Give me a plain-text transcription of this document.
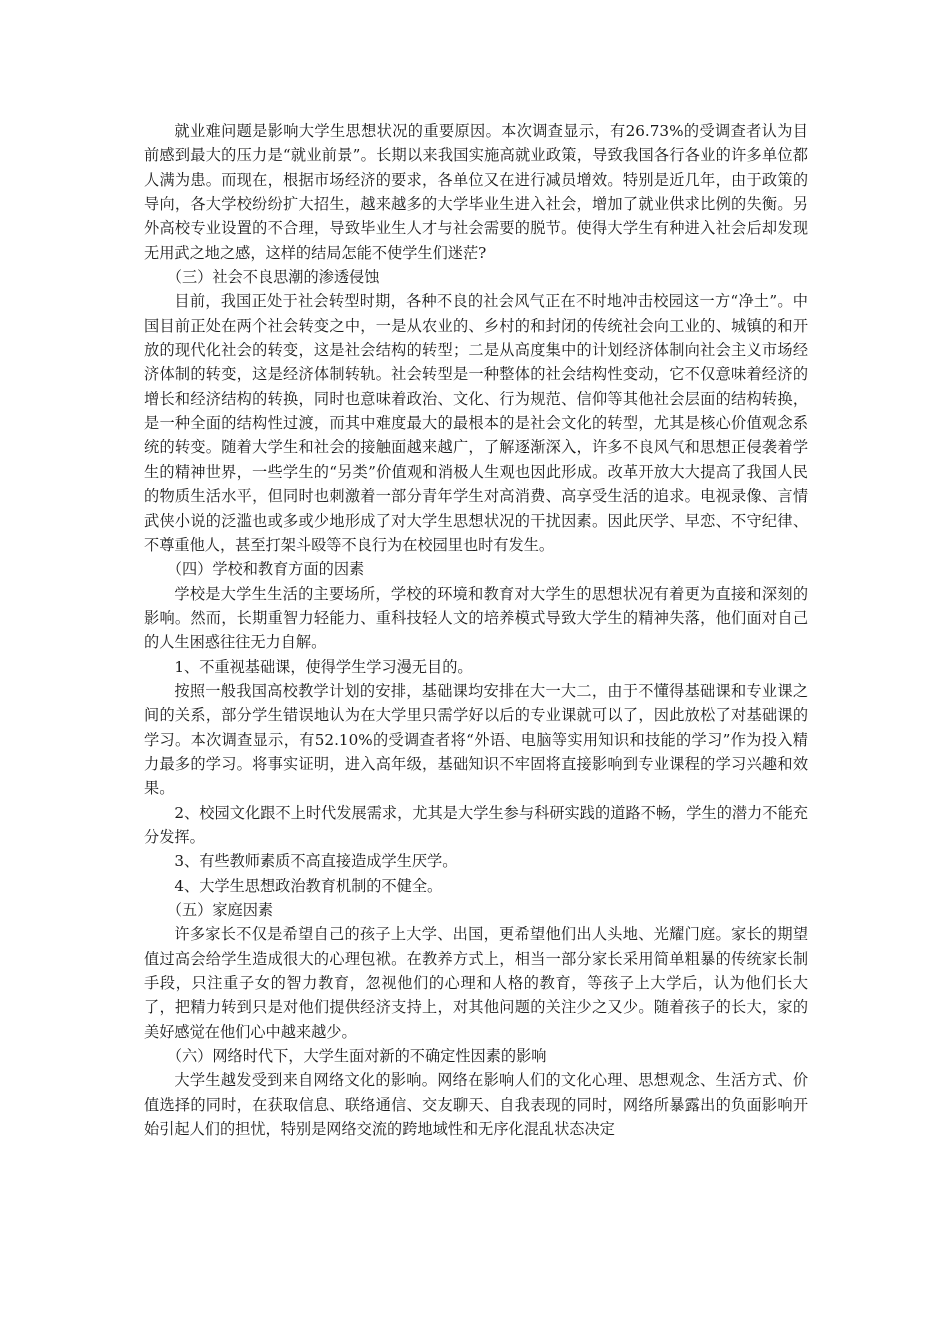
就业难问题是影响大学生思想状况的重要原因。本次调查显示，有26.73%的受调查者认为目前感到最大的压力是“就业前景”。长期以来我国实施高就业政策，导致我国各行各业的许多单位都人满为患。而现在，根据市场经济的要求，各单位又在进行减员增效。特别是近几年，由于政策的导向，各大学校纷纷扩大招生，越来越多的大学毕业生进入社会，增加了就业供求比例的失衡。另外高校专业设置的不合理，导致毕业生人才与社会需要的脱节。使得大学生有种进入社会后却发现无用武之地之感，这样的结局怎能不使学生们迷茫?

（三）社会不良思潮的渗透侵蚀

目前，我国正处于社会转型时期，各种不良的社会风气正在不时地冲击校园这一方“净土”。中国目前正处在两个社会转变之中，一是从农业的、乡村的和封闭的传统社会向工业的、城镇的和开放的现代化社会的转变，这是社会结构的转型；二是从高度集中的计划经济体制向社会主义市场经济体制的转变，这是经济体制转轨。社会转型是一种整体的社会结构性变动，它不仅意味着经济的增长和经济结构的转换，同时也意味着政治、文化、行为规范、信仰等其他社会层面的结构转换，是一种全面的结构性过渡，而其中难度最大的最根本的是社会文化的转型，尤其是核心价值观念系统的转变。随着大学生和社会的接触面越来越广，了解逐渐深入，许多不良风气和思想正侵袭着学生的精神世界，一些学生的“另类”价值观和消极人生观也因此形成。改革开放大大提高了我国人民的物质生活水平，但同时也刺激着一部分青年学生对高消费、高享受生活的追求。电视录像、言情武侠小说的泛滥也或多或少地形成了对大学生思想状况的干扰因素。因此厌学、早恋、不守纪律、不尊重他人，甚至打架斗殴等不良行为在校园里也时有发生。

（四）学校和教育方面的因素

学校是大学生生活的主要场所，学校的环境和教育对大学生的思想状况有着更为直接和深刻的影响。然而，长期重智力轻能力、重科技轻人文的培养模式导致大学生的精神失落，他们面对自己的人生困惑往往无力自解。

1、不重视基础课，使得学生学习漫无目的。

按照一般我国高校教学计划的安排，基础课均安排在大一大二，由于不懂得基础课和专业课之间的关系，部分学生错误地认为在大学里只需学好以后的专业课就可以了，因此放松了对基础课的学习。本次调查显示，有52.10%的受调查者将“外语、电脑等实用知识和技能的学习”作为投入精力最多的学习。将事实证明，进入高年级，基础知识不牢固将直接影响到专业课程的学习兴趣和效果。

2、校园文化跟不上时代发展需求，尤其是大学生参与科研实践的道路不畅，学生的潜力不能充分发挥。

3、有些教师素质不高直接造成学生厌学。

4、大学生思想政治教育机制的不健全。

（五）家庭因素

许多家长不仅是希望自己的孩子上大学、出国，更希望他们出人头地、光耀门庭。家长的期望值过高会给学生造成很大的心理包袱。在教养方式上，相当一部分家长采用简单粗暴的传统家长制手段，只注重子女的智力教育，忽视他们的心理和人格的教育，等孩子上大学后，认为他们长大了，把精力转到只是对他们提供经济支持上，对其他问题的关注少之又少。随着孩子的长大，家的美好感觉在他们心中越来越少。

（六）网络时代下，大学生面对新的不确定性因素的影响

大学生越发受到来自网络文化的影响。网络在影响人们的文化心理、思想观念、生活方式、价值选择的同时，在获取信息、联络通信、交友聊天、自我表现的同时，网络所暴露出的负面影响开始引起人们的担忧，特别是网络交流的跨地域性和无序化混乱状态决定
